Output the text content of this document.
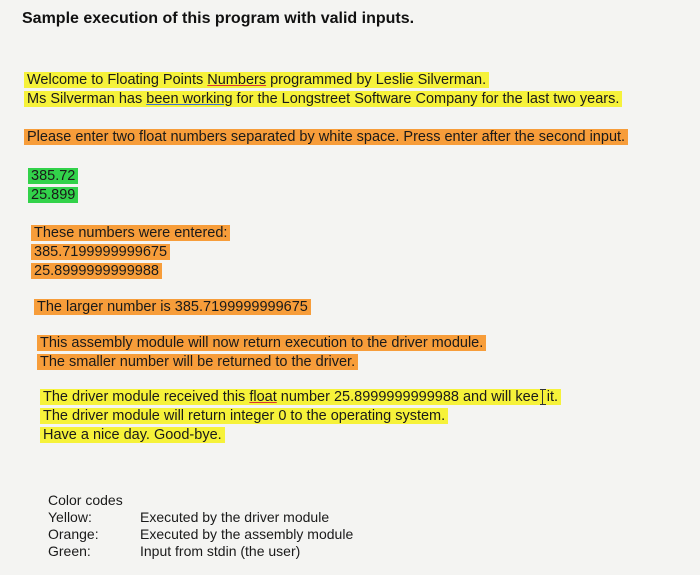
Sample execution of this program with valid inputs.
Welcome to Floating Points Numbers programmed by Leslie Silverman.
Ms Silverman has been working for the Longstreet Software Company for the last two years.
Please enter two float numbers separated by white space. Press enter after the second input.
385.72
25.899
These numbers were entered:
385.7199999999675
25.8999999999988
The larger number is 385.7199999999675
This assembly module will now return execution to the driver module.
The smaller number will be returned to the driver.
The driver module received this float number 25.8999999999988 and will kee it.
The driver module will return integer 0 to the operating system.
Have a nice day. Good-bye.
Color codes
Yellow:	Executed by the driver module
Orange:	Executed by the assembly module
Green:	Input from stdin (the user)
